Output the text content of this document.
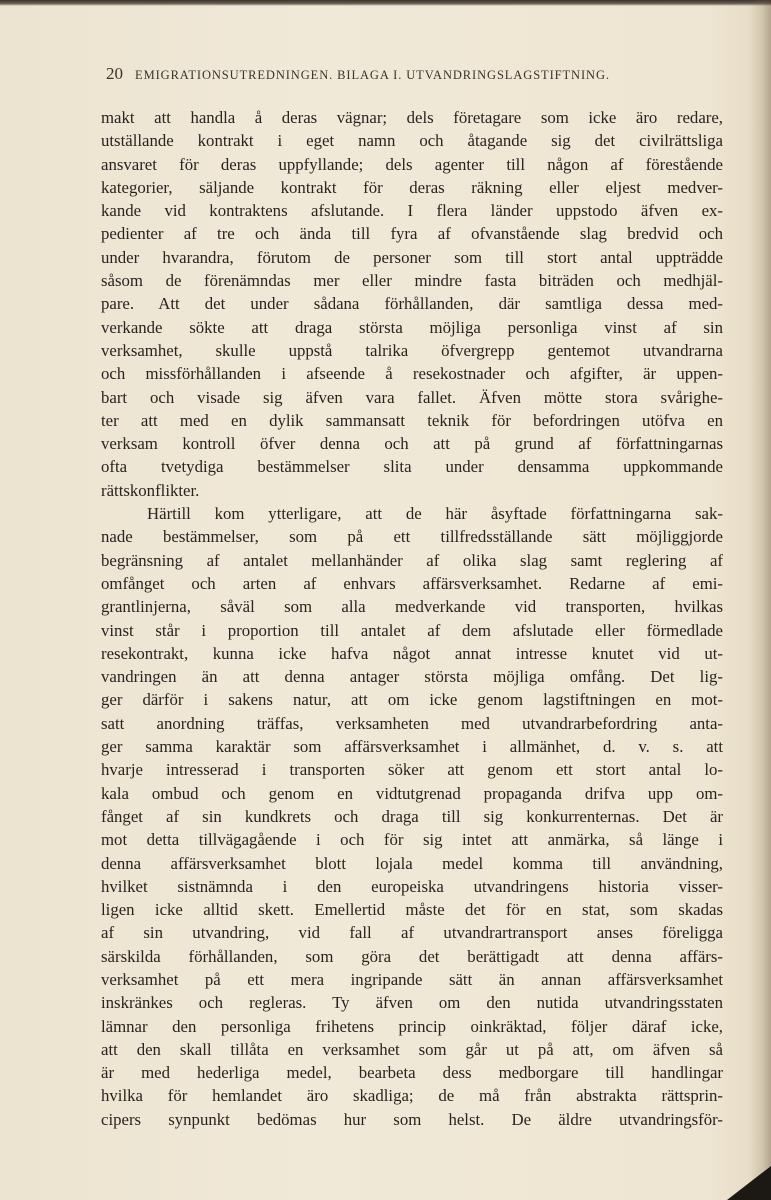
20 EMIGRATIONSUTREDNINGEN. BILAGA I. UTVANDRINGSLAGSTIFTNING.
makt att handla å deras vägnar; dels företagare som icke äro redare,
utställande kontrakt i eget namn och åtagande sig det civilrättsliga
ansvaret för deras uppfyllande; dels agenter till någon af förestående
kategorier, säljande kontrakt för deras räkning eller eljest medver-
kande vid kontraktens afslutande. I flera länder uppstodo äfven ex-
pedienter af tre och ända till fyra af ofvanstående slag bredvid och
under hvarandra, förutom de personer som till stort antal uppträdde
såsom de förenämndas mer eller mindre fasta biträden och medhjäl-
pare. Att det under sådana förhållanden, där samtliga dessa med-
verkande sökte att draga största möjliga personliga vinst af sin
verksamhet, skulle uppstå talrika öfvergrepp gentemot utvandrarna
och missförhållanden i afseende å resekostnader och afgifter, är uppen-
bart och visade sig äfven vara fallet. Äfven mötte stora svårighe-
ter att med en dylik sammansatt teknik för befordringen utöfva en
verksam kontroll öfver denna och att på grund af författningarnas
ofta tvetydiga bestämmelser slita under densamma uppkommande
rättskonflikter.
Härtill kom ytterligare, att de här åsyftade författningarna sak-
nade bestämmelser, som på ett tillfredsställande sätt möjliggjorde
begränsning af antalet mellanhänder af olika slag samt reglering af
omfånget och arten af enhvars affärsverksamhet. Redarne af emi-
grantlinjerna, såväl som alla medverkande vid transporten, hvilkas
vinst står i proportion till antalet af dem afslutade eller förmedlade
resekontrakt, kunna icke hafva något annat intresse knutet vid ut-
vandringen än att denna antager största möjliga omfång. Det lig-
ger därför i sakens natur, att om icke genom lagstiftningen en mot-
satt anordning träffas, verksamheten med utvandrarbefordring anta-
ger samma karaktär som affärsverksamhet i allmänhet, d. v. s. att
hvarje intresserad i transporten söker att genom ett stort antal lo-
kala ombud och genom en vidtutgrenad propaganda drifva upp om-
fånget af sin kundkrets och draga till sig konkurrenternas. Det är
mot detta tillvägagående i och för sig intet att anmärka, så länge i
denna affärsverksamhet blott lojala medel komma till användning,
hvilket sistnämnda i den europeiska utvandringens historia visser-
ligen icke alltid skett. Emellertid måste det för en stat, som skadas
af sin utvandring, vid fall af utvandrartransport anses föreligga
särskilda förhållanden, som göra det berättigadt att denna affärs-
verksamhet på ett mera ingripande sätt än annan affärsverksamhet
inskränkes och regleras. Ty äfven om den nutida utvandringsstaten
lämnar den personliga frihetens princip oinkräktad, följer däraf icke,
att den skall tillåta en verksamhet som går ut på att, om äfven så
är med hederliga medel, bearbeta dess medborgare till handlingar
hvilka för hemlandet äro skadliga; de må från abstrakta rättsprin-
cipers synpunkt bedömas hur som helst. De äldre utvandringsför-
